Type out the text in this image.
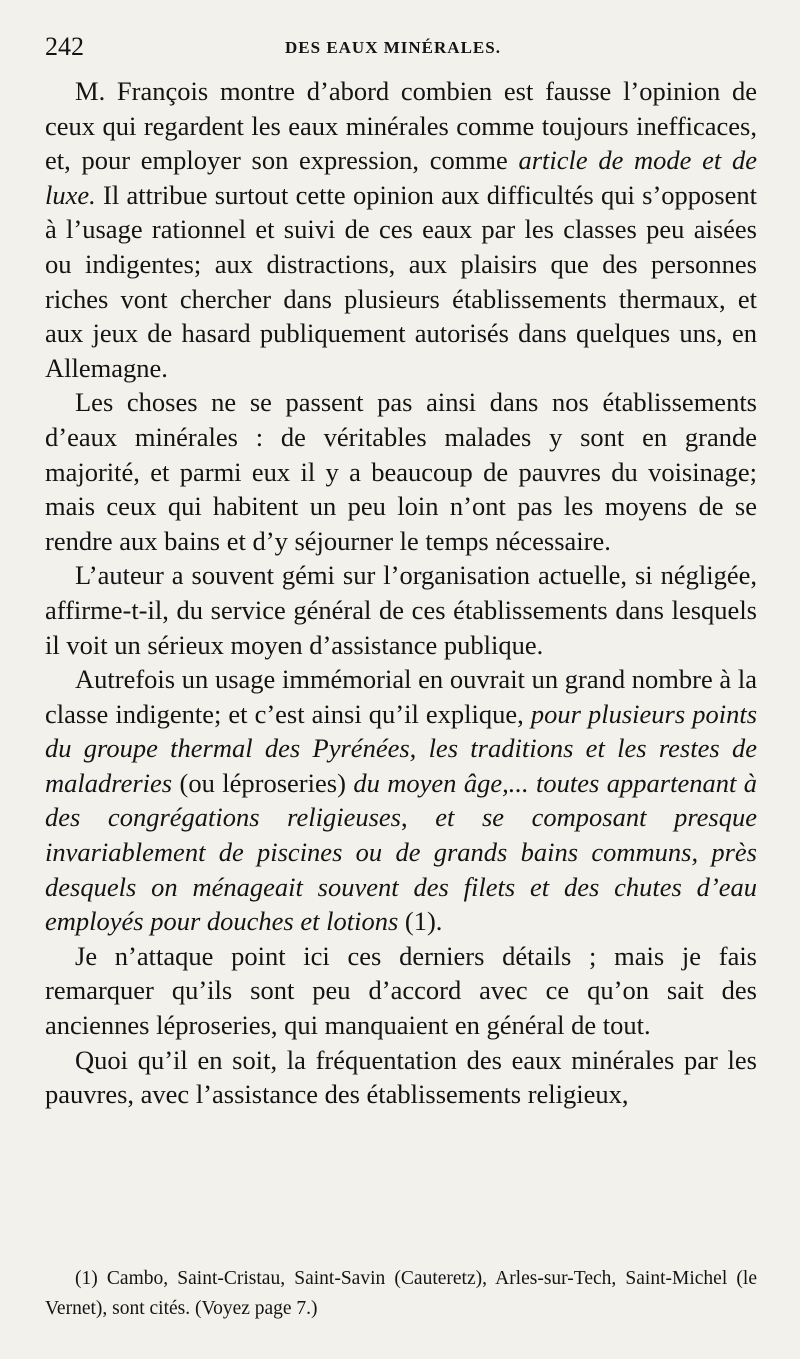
242	DES EAUX MINÉRALES.

M. François montre d’abord combien est fausse l’opinion de ceux qui regardent les eaux minérales comme toujours inefficaces, et, pour employer son expression, comme article de mode et de luxe. Il attribue surtout cette opinion aux difficultés qui s’opposent à l’usage rationnel et suivi de ces eaux par les classes peu aisées ou indigentes; aux distractions, aux plaisirs que des personnes riches vont chercher dans plusieurs établissements thermaux, et aux jeux de hasard publiquement autorisés dans quelques uns, en Allemagne.

Les choses ne se passent pas ainsi dans nos établissements d’eaux minérales : de véritables malades y sont en grande majorité, et parmi eux il y a beaucoup de pauvres du voisinage; mais ceux qui habitent un peu loin n’ont pas les moyens de se rendre aux bains et d’y séjourner le temps nécessaire.

L’auteur a souvent gémi sur l’organisation actuelle, si négligée, affirme-t-il, du service général de ces établissements dans lesquels il voit un sérieux moyen d’assistance publique.

Autrefois un usage immémorial en ouvrait un grand nombre à la classe indigente; et c’est ainsi qu’il explique, pour plusieurs points du groupe thermal des Pyrénées, les traditions et les restes de maladreries (ou léproseries) du moyen âge,... toutes appartenant à des congrégations religieuses, et se composant presque invariablement de piscines ou de grands bains communs, près desquels on ménageait souvent des filets et des chutes d’eau employés pour douches et lotions (1).

Je n’attaque point ici ces derniers détails ; mais je fais remarquer qu’ils sont peu d’accord avec ce qu’on sait des anciennes léproseries, qui manquaient en général de tout.

Quoi qu’il en soit, la fréquentation des eaux minérales par les pauvres, avec l’assistance des établissements religieux,

(1) Cambo, Saint-Cristau, Saint-Savin (Cauteretz), Arles-sur-Tech, Saint-Michel (le Vernet), sont cités. (Voyez page 7.)
